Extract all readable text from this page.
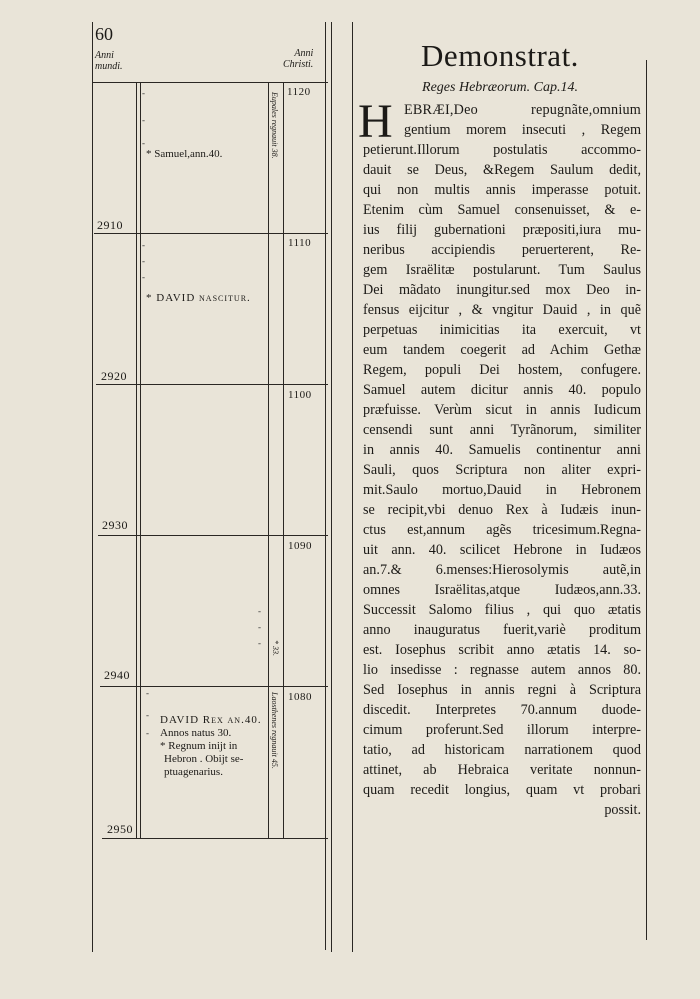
60
Anni
mundi.
Anni
Christi.
1120
-
-
-
* Samuel,ann.40.	Eupales regnauit 38.
2910
1110
-
-
-
* DAVID nascitur.
2920
1100
2930
1090
-
-
- * 33.
2940
1080
-
-
-
DAVID Rex an.40.
Annos natus 30.
* Regnum inijt in
Hebron . Obijt se-
ptuagenarius.
Laosthenes regnauit 45.
2950
Demonstrat.
Reges Hebræorum. Cap.14.
H EBRÆI,Deo repugnãte,omnium
gentium morem insecuti , Regem
petierunt.Illorum postulatis accommo-
dauit se Deus, &Regem Saulum dedit,
qui non multis annis imperasse potuit.
Etenim cùm Samuel consenuisset, & e-
ius filij gubernationi præpositi,iura mu-
neribus accipiendis peruerterent, Re-
gem Israëlitæ postularunt. Tum Saulus
Dei mãdato inungitur.sed mox Deo in-
fensus eijcitur , & vngitur Dauid , in quẽ
perpetuas inimicitias ita exercuit, vt
eum tandem coegerit ad Achim Gethæ
Regem, populi Dei hostem, confugere.
Samuel autem dicitur annis 40. populo
præfuisse. Verùm sicut in annis Iudicum
censendi sunt anni Tyrãnorum, similiter
in annis 40. Samuelis continentur anni
Sauli, quos Scriptura non aliter expri-
mit.Saulo mortuo,Dauid in Hebronem
se recipit,vbi denuo Rex à Iudæis inun-
ctus est,annum agẽs tricesimum.Regna-
uit ann. 40. scilicet Hebrone in Iudæos
an.7.& 6.menses:Hierosolymis autẽ,in
omnes Israëlitas,atque Iudæos,ann.33.
Successit Salomo filius , qui quo ætatis
anno inauguratus fuerit,variè proditum
est. Iosephus scribit anno ætatis 14. so-
lio insedisse : regnasse autem annos 80.
Sed Iosephus in annis regni à Scriptura
discedit. Interpretes 70.annum duode-
cimum proferunt.Sed illorum interpre-
tatio, ad historicam narrationem quod
attinet, ab Hebraica veritate nonnun-
quam recedit longius, quam vt probari
possit.
